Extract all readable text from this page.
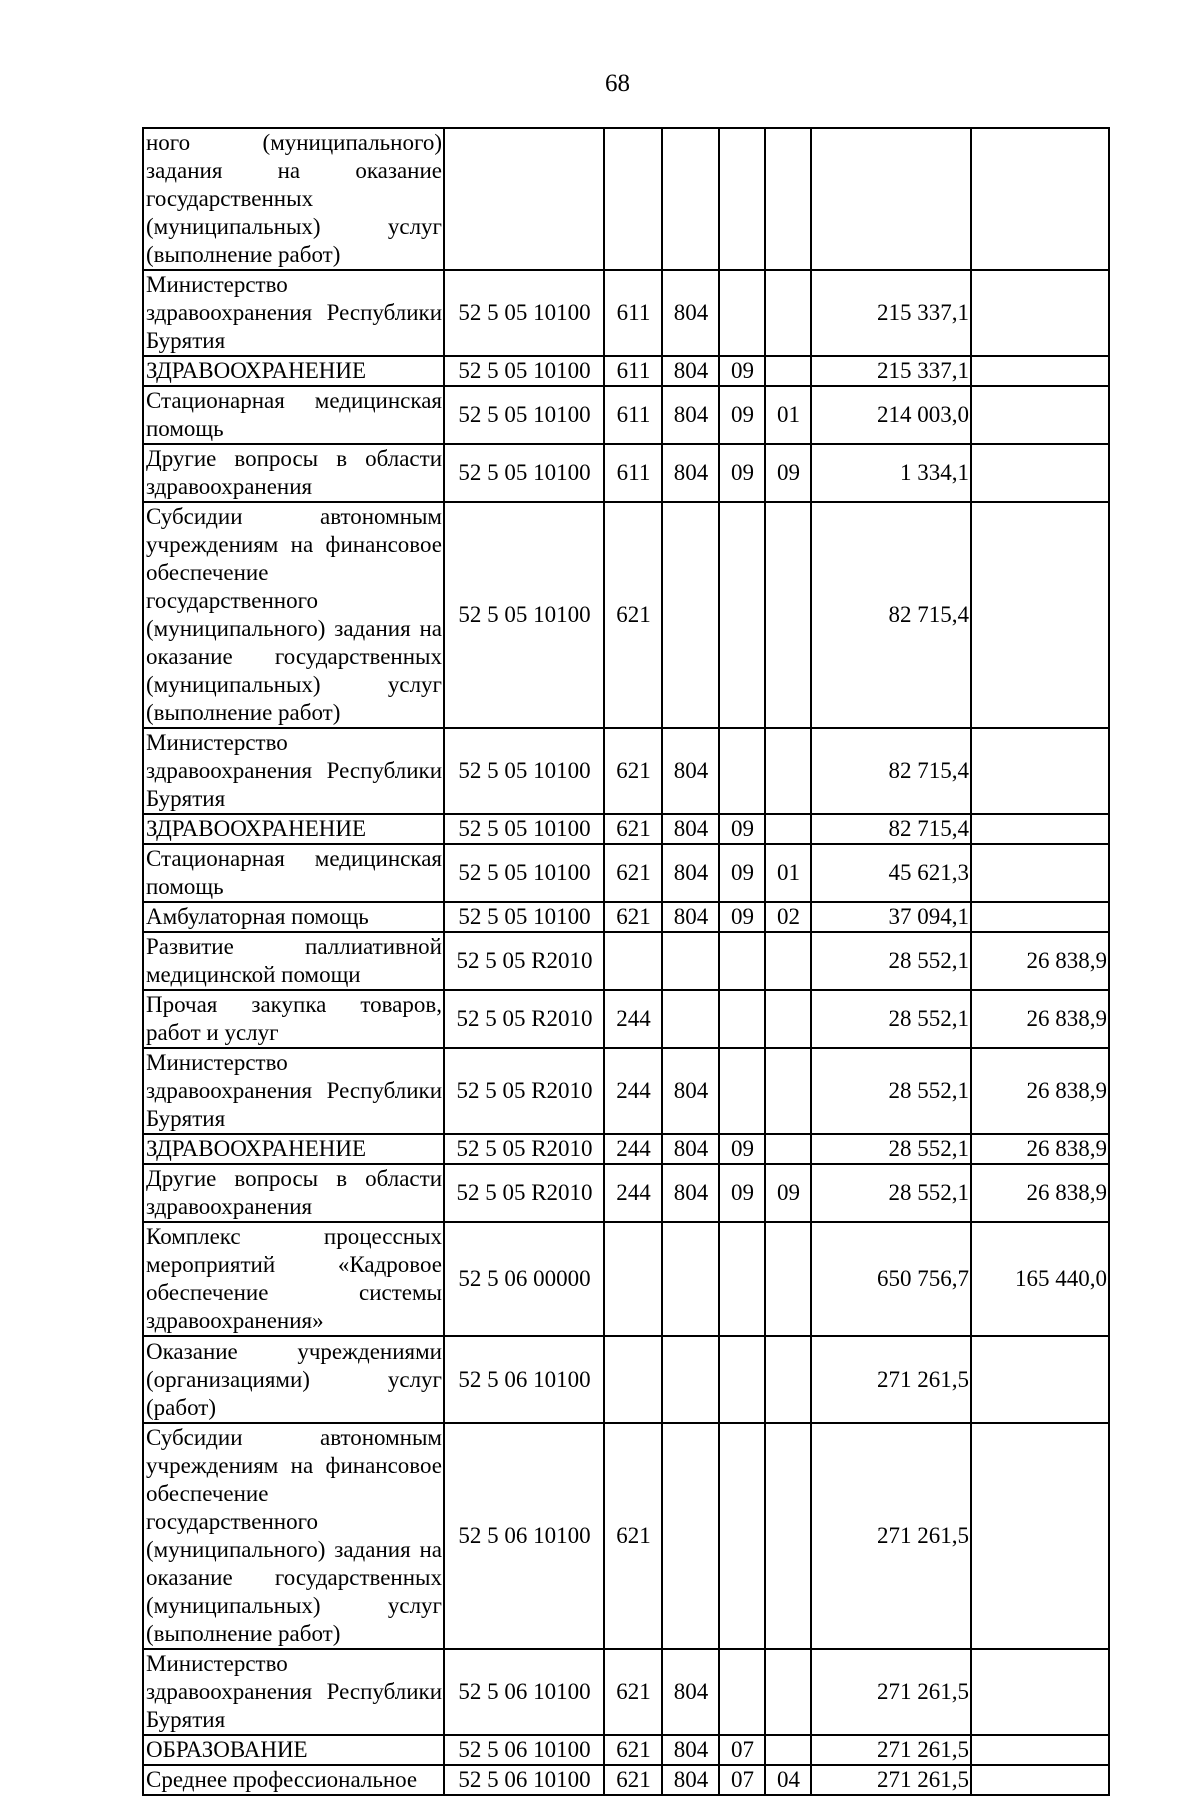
68
ного (муниципального) задания на оказание государственных (муниципальных) услуг (выполнение работ)							
Министерство здравоохранения Республики Бурятия	52 5 05 10100	611	804			215 337,1	
ЗДРАВООХРАНЕНИЕ	52 5 05 10100	611	804	09		215 337,1	
Стационарная медицинская помощь	52 5 05 10100	611	804	09	01	214 003,0	
Другие вопросы в области здравоохранения	52 5 05 10100	611	804	09	09	1 334,1	
Субсидии автономным учреждениям на финансовое обеспечение государственного (муниципального) задания на оказание государственных (муниципальных) услуг (выполнение работ)	52 5 05 10100	621				82 715,4	
Министерство здравоохранения Республики Бурятия	52 5 05 10100	621	804			82 715,4	
ЗДРАВООХРАНЕНИЕ	52 5 05 10100	621	804	09		82 715,4	
Стационарная медицинская помощь	52 5 05 10100	621	804	09	01	45 621,3	
Амбулаторная помощь	52 5 05 10100	621	804	09	02	37 094,1	
Развитие паллиативной медицинской помощи	52 5 05 R2010					28 552,1	26 838,9
Прочая закупка товаров, работ и услуг	52 5 05 R2010	244				28 552,1	26 838,9
Министерство здравоохранения Республики Бурятия	52 5 05 R2010	244	804			28 552,1	26 838,9
ЗДРАВООХРАНЕНИЕ	52 5 05 R2010	244	804	09		28 552,1	26 838,9
Другие вопросы в области здравоохранения	52 5 05 R2010	244	804	09	09	28 552,1	26 838,9
Комплекс процессных мероприятий «Кадровое обеспечение системы здравоохранения»	52 5 06 00000					650 756,7	165 440,0
Оказание учреждениями (организациями) услуг (работ)	52 5 06 10100					271 261,5	
Субсидии автономным учреждениям на финансовое обеспечение государственного (муниципального) задания на оказание государственных (муниципальных) услуг (выполнение работ)	52 5 06 10100	621				271 261,5	
Министерство здравоохранения Республики Бурятия	52 5 06 10100	621	804			271 261,5	
ОБРАЗОВАНИЕ	52 5 06 10100	621	804	07		271 261,5	
Среднее профессиональное	52 5 06 10100	621	804	07	04	271 261,5	
